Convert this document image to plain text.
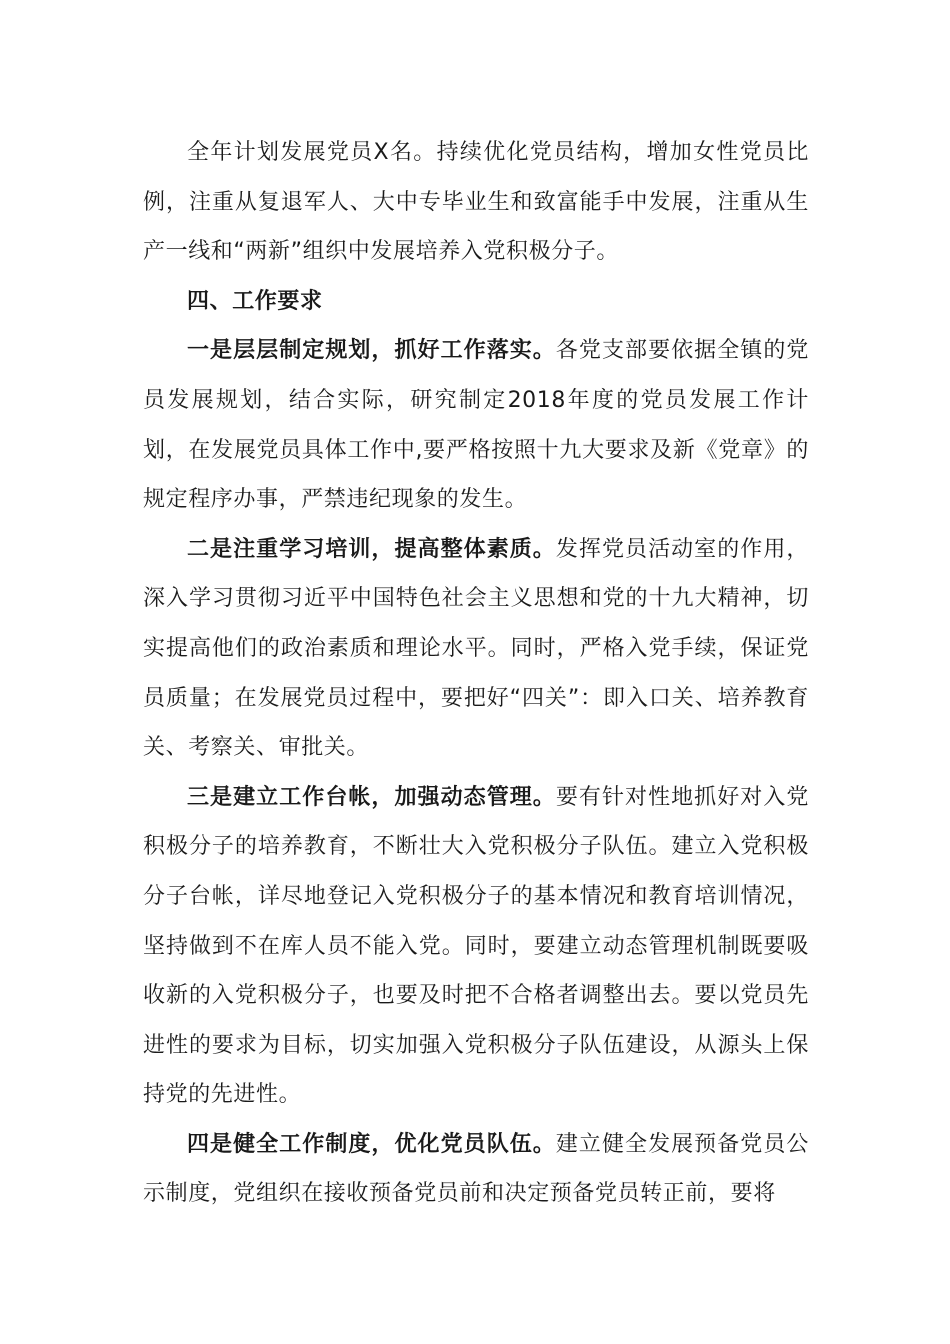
全年计划发展党员X名。持续优化党员结构，增加女性党员比例，注重从复退军人、大中专毕业生和致富能手中发展，注重从生产一线和“两新”组织中发展培养入党积极分子。

四、工作要求

一是层层制定规划，抓好工作落实。各党支部要依据全镇的党员发展规划，结合实际，研究制定2018年度的党员发展工作计划，在发展党员具体工作中,要严格按照十九大要求及新《党章》的规定程序办事，严禁违纪现象的发生。

二是注重学习培训，提高整体素质。发挥党员活动室的作用，深入学习贯彻习近平中国特色社会主义思想和党的十九大精神，切实提高他们的政治素质和理论水平。同时，严格入党手续，保证党员质量；在发展党员过程中，要把好“四关”：即入口关、培养教育关、考察关、审批关。

三是建立工作台帐，加强动态管理。要有针对性地抓好对入党积极分子的培养教育，不断壮大入党积极分子队伍。建立入党积极分子台帐，详尽地登记入党积极分子的基本情况和教育培训情况，坚持做到不在库人员不能入党。同时，要建立动态管理机制既要吸收新的入党积极分子，也要及时把不合格者调整出去。要以党员先进性的要求为目标，切实加强入党积极分子队伍建设，从源头上保持党的先进性。

四是健全工作制度，优化党员队伍。建立健全发展预备党员公示制度，党组织在接收预备党员前和决定预备党员转正前，要将
